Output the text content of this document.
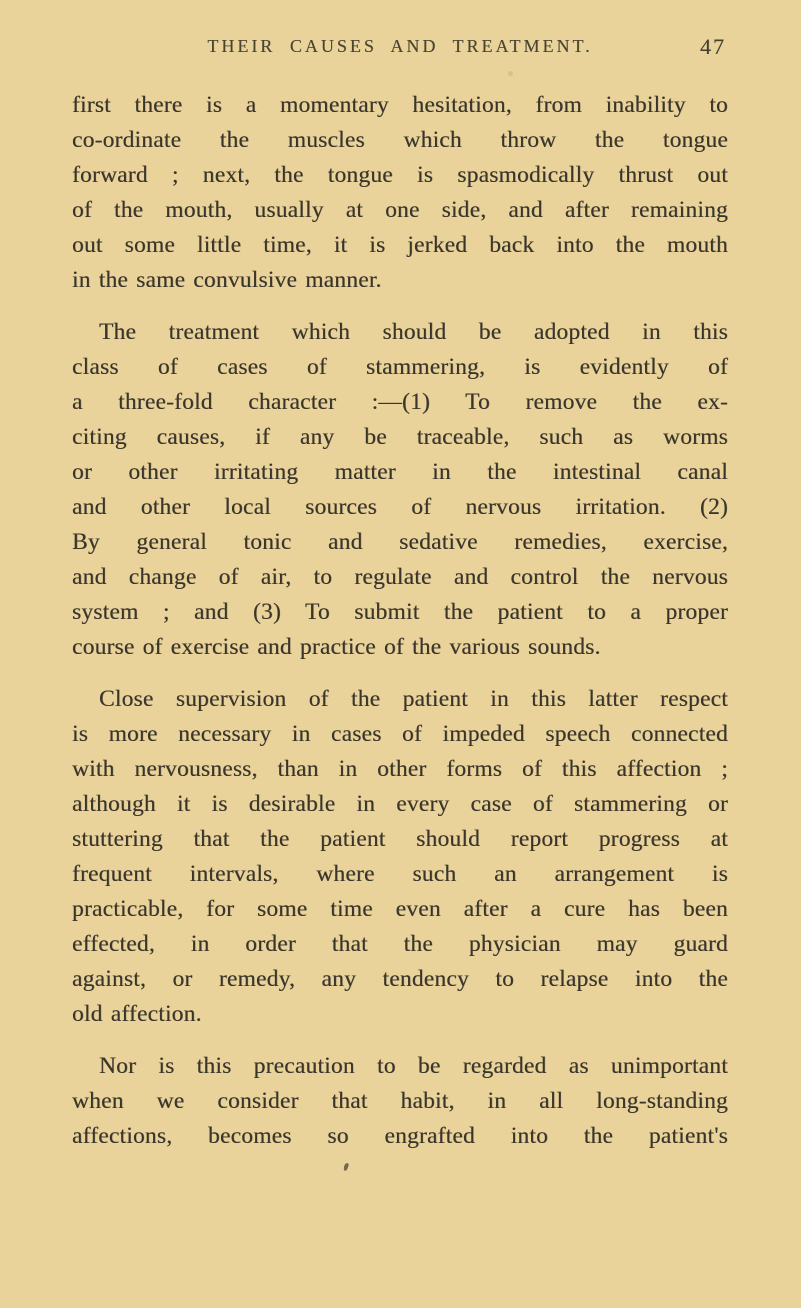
THEIR CAUSES AND TREATMENT.	47
first there is a momentary hesitation, from inability to
co-ordinate the muscles which throw the tongue
forward ; next, the tongue is spasmodically thrust out
of the mouth, usually at one side, and after remaining
out some little time, it is jerked back into the mouth
in the same convulsive manner.
The treatment which should be adopted in this
class of cases of stammering, is evidently of
a three-fold character :—(1) To remove the ex-
citing causes, if any be traceable, such as worms
or other irritating matter in the intestinal canal
and other local sources of nervous irritation. (2)
By general tonic and sedative remedies, exercise,
and change of air, to regulate and control the nervous
system ; and (3) To submit the patient to a proper
course of exercise and practice of the various sounds.
Close supervision of the patient in this latter respect
is more necessary in cases of impeded speech connected
with nervousness, than in other forms of this affection ;
although it is desirable in every case of stammering or
stuttering that the patient should report progress at
frequent intervals, where such an arrangement is
practicable, for some time even after a cure has been
effected, in order that the physician may guard
against, or remedy, any tendency to relapse into the
old affection.
Nor is this precaution to be regarded as unimportant
when we consider that habit, in all long-standing
affections, becomes so engrafted into the patient's
